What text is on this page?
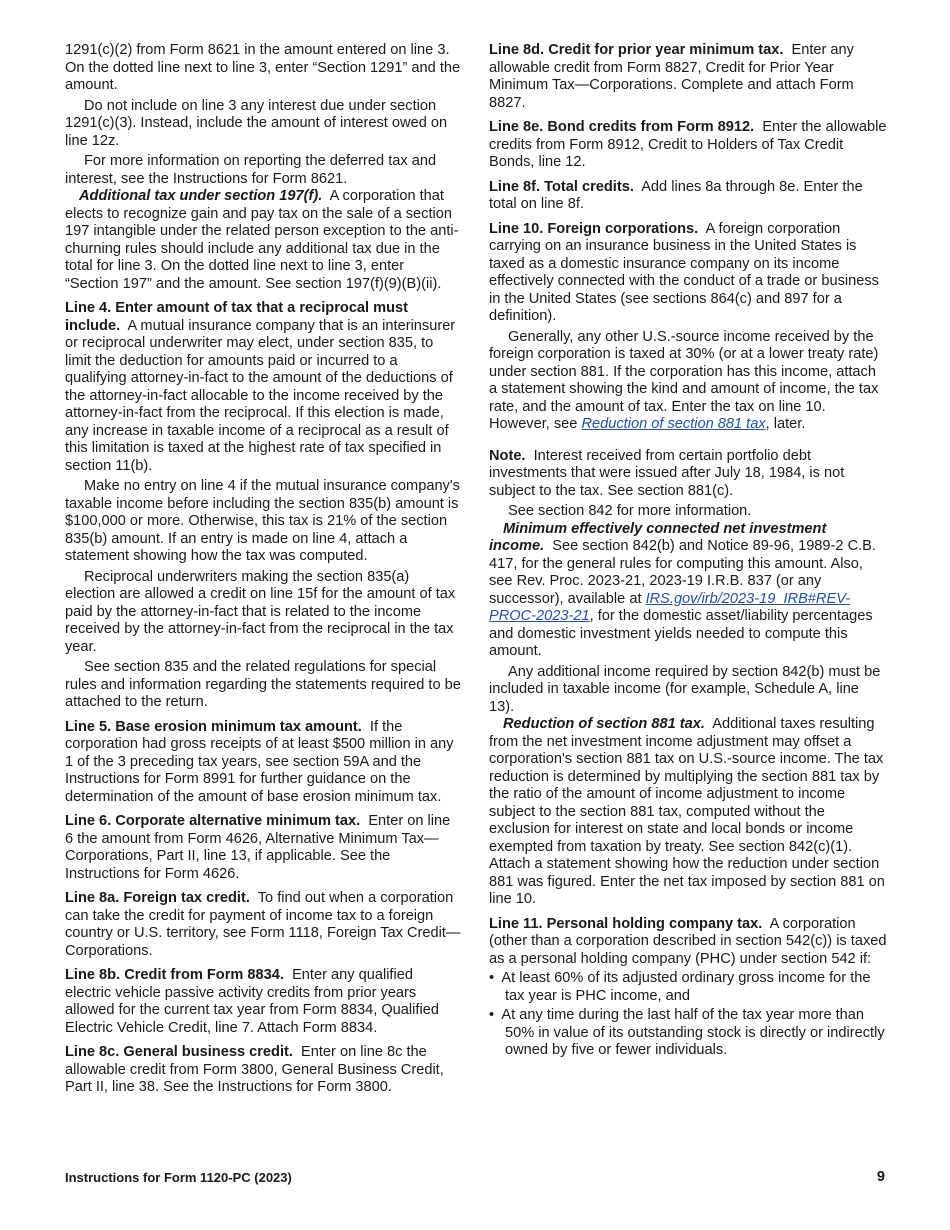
1291(c)(2) from Form 8621 in the amount entered on line 3. On the dotted line next to line 3, enter “Section 1291” and the amount.

Do not include on line 3 any interest due under section 1291(c)(3). Instead, include the amount of interest owed on line 12z.

For more information on reporting the deferred tax and interest, see the Instructions for Form 8621.

Additional tax under section 197(f). A corporation that elects to recognize gain and pay tax on the sale of a section 197 intangible under the related person exception to the anti-churning rules should include any additional tax due in the total for line 3. On the dotted line next to line 3, enter “Section 197” and the amount. See section 197(f)(9)(B)(ii).

Line 4. Enter amount of tax that a reciprocal must include. A mutual insurance company that is an interinsurer or reciprocal underwriter may elect, under section 835, to limit the deduction for amounts paid or incurred to a qualifying attorney-in-fact to the amount of the deductions of the attorney-in-fact allocable to the income received by the attorney-in-fact from the reciprocal. If this election is made, any increase in taxable income of a reciprocal as a result of this limitation is taxed at the highest rate of tax specified in section 11(b).

Make no entry on line 4 if the mutual insurance company's taxable income before including the section 835(b) amount is $100,000 or more. Otherwise, this tax is 21% of the section 835(b) amount. If an entry is made on line 4, attach a statement showing how the tax was computed.

Reciprocal underwriters making the section 835(a) election are allowed a credit on line 15f for the amount of tax paid by the attorney-in-fact that is related to the income received by the attorney-in-fact from the reciprocal in the tax year.

See section 835 and the related regulations for special rules and information regarding the statements required to be attached to the return.

Line 5. Base erosion minimum tax amount. If the corporation had gross receipts of at least $500 million in any 1 of the 3 preceding tax years, see section 59A and the Instructions for Form 8991 for further guidance on the determination of the amount of base erosion minimum tax.

Line 6. Corporate alternative minimum tax. Enter on line 6 the amount from Form 4626, Alternative Minimum Tax—Corporations, Part II, line 13, if applicable. See the Instructions for Form 4626.

Line 8a. Foreign tax credit. To find out when a corporation can take the credit for payment of income tax to a foreign country or U.S. territory, see Form 1118, Foreign Tax Credit—Corporations.

Line 8b. Credit from Form 8834. Enter any qualified electric vehicle passive activity credits from prior years allowed for the current tax year from Form 8834, Qualified Electric Vehicle Credit, line 7. Attach Form 8834.

Line 8c. General business credit. Enter on line 8c the allowable credit from Form 3800, General Business Credit, Part II, line 38. See the Instructions for Form 3800.

Line 8d. Credit for prior year minimum tax. Enter any allowable credit from Form 8827, Credit for Prior Year Minimum Tax—Corporations. Complete and attach Form 8827.

Line 8e. Bond credits from Form 8912. Enter the allowable credits from Form 8912, Credit to Holders of Tax Credit Bonds, line 12.

Line 8f. Total credits. Add lines 8a through 8e. Enter the total on line 8f.

Line 10. Foreign corporations. A foreign corporation carrying on an insurance business in the United States is taxed as a domestic insurance company on its income effectively connected with the conduct of a trade or business in the United States (see sections 864(c) and 897 for a definition).

Generally, any other U.S.-source income received by the foreign corporation is taxed at 30% (or at a lower treaty rate) under section 881. If the corporation has this income, attach a statement showing the kind and amount of income, the tax rate, and the amount of tax. Enter the tax on line 10. However, see Reduction of section 881 tax, later.

Note. Interest received from certain portfolio debt investments that were issued after July 18, 1984, is not subject to the tax. See section 881(c).

See section 842 for more information.

Minimum effectively connected net investment income. See section 842(b) and Notice 89-96, 1989-2 C.B. 417, for the general rules for computing this amount. Also, see Rev. Proc. 2023-21, 2023-19 I.R.B. 837 (or any successor), available at IRS.gov/irb/2023-19_IRB#REV-PROC-2023-21, for the domestic asset/liability percentages and domestic investment yields needed to compute this amount.

Any additional income required by section 842(b) must be included in taxable income (for example, Schedule A, line 13).

Reduction of section 881 tax. Additional taxes resulting from the net investment income adjustment may offset a corporation's section 881 tax on U.S.-source income. The tax reduction is determined by multiplying the section 881 tax by the ratio of the amount of income adjustment to income subject to the section 881 tax, computed without the exclusion for interest on state and local bonds or income exempted from taxation by treaty. See section 842(c)(1). Attach a statement showing how the reduction under section 881 was figured. Enter the net tax imposed by section 881 on line 10.

Line 11. Personal holding company tax. A corporation (other than a corporation described in section 542(c)) is taxed as a personal holding company (PHC) under section 542 if:

• At least 60% of its adjusted ordinary gross income for the tax year is PHC income, and

• At any time during the last half of the tax year more than 50% in value of its outstanding stock is directly or indirectly owned by five or fewer individuals.

Instructions for Form 1120-PC (2023)	9
